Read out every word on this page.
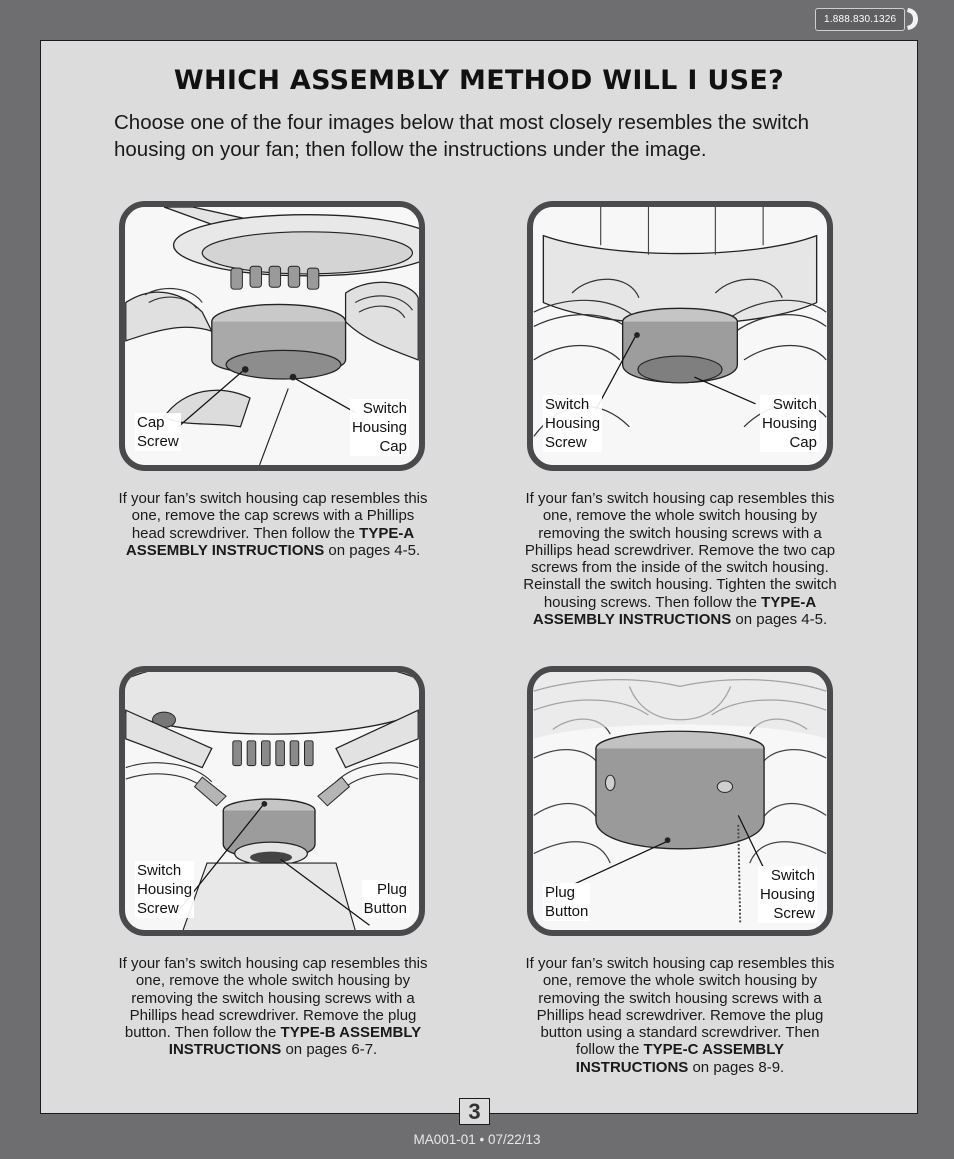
1.888.830.1326
WHICH ASSEMBLY METHOD WILL I USE?
Choose one of the four images below that most closely resembles the switch housing on your fan; then follow the instructions under the image.
Cap
Screw
Switch
Housing
Cap
If your fan’s switch housing cap resembles this one, remove the cap screws with a Phillips head screwdriver. Then follow the TYPE-A ASSEMBLY INSTRUCTIONS on pages 4-5.
Switch
Housing
Screw
Switch
Housing
Cap
If your fan’s switch housing cap resembles this one, remove the whole switch housing by removing the switch housing screws with a Phillips head screwdriver. Remove the two cap screws from the inside of the switch housing. Reinstall the switch housing. Tighten the switch housing screws. Then follow the TYPE-A ASSEMBLY INSTRUCTIONS on pages 4-5.
Switch
Housing
Screw
Plug
Button
If your fan’s switch housing cap resembles this one, remove the whole switch housing by removing the switch housing screws with a Phillips head screwdriver. Remove the plug button. Then follow the TYPE-B ASSEMBLY INSTRUCTIONS on pages 6-7.
Plug
Button
Switch
Housing
Screw
If your fan’s switch housing cap resembles this one, remove the whole switch housing by removing the switch housing screws with a Phillips head screwdriver. Remove the plug button using a standard screwdriver. Then follow the TYPE-C ASSEMBLY INSTRUCTIONS on pages 8-9.
3
MA001-01 • 07/22/13
